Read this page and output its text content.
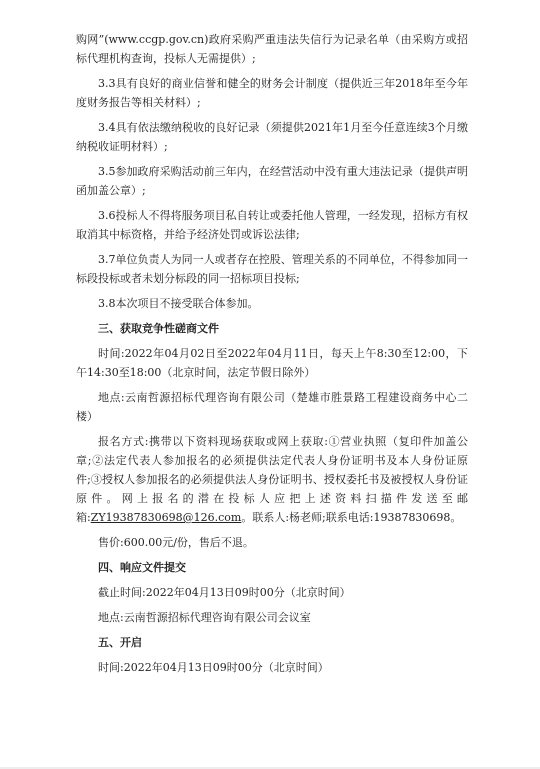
购网”(www.ccgp.gov.cn)政府采购严重违法失信行为记录名单（由采购方或招标代理机构查询，投标人无需提供）;

3.3具有良好的商业信誉和健全的财务会计制度（提供近三年2018年至今年度财务报告等相关材料）;

3.4具有依法缴纳税收的良好记录（须提供2021年1月至今任意连续3个月缴纳税收证明材料）;

3.5参加政府采购活动前三年内，在经营活动中没有重大违法记录（提供声明函加盖公章）;

3.6投标人不得将服务项目私自转让或委托他人管理，一经发现，招标方有权取消其中标资格，并给予经济处罚或诉讼法律;

3.7单位负责人为同一人或者存在控股、管理关系的不同单位，不得参加同一标段投标或者未划分标段的同一招标项目投标;

3.8本次项目不接受联合体参加。

三、获取竞争性磋商文件

时间:2022年04月02日至2022年04月11日，每天上午8:30至12:00，下午14:30至18:00（北京时间，法定节假日除外）

地点:云南哲源招标代理咨询有限公司（楚雄市胜景路工程建设商务中心二楼）

报名方式:携带以下资料现场获取或网上获取:①营业执照（复印件加盖公章;②法定代表人参加报名的必须提供法定代表人身份证明书及本人身份证原件;③授权人参加报名的必须提供法人身份证明书、授权委托书及被授权人身份证原件。网上报名的潜在投标人应把上述资料扫描件发送至邮箱:ZY19387830698@126.com。联系人:杨老师;联系电话:19387830698。

售价:600.00元/份，售后不退。

四、响应文件提交

截止时间:2022年04月13日09时00分（北京时间）

地点:云南哲源招标代理咨询有限公司会议室

五、开启

时间:2022年04月13日09时00分（北京时间）
